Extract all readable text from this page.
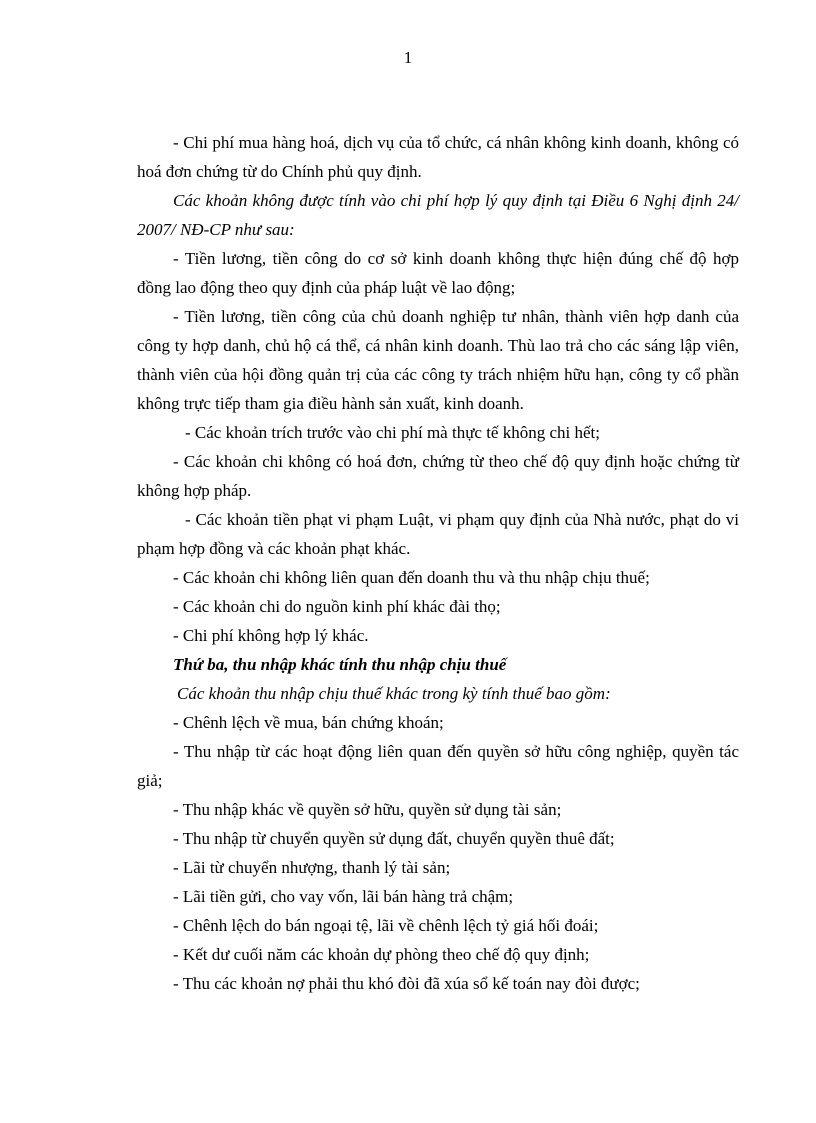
1

- Chi phí mua hàng hoá, dịch vụ của tổ chức, cá nhân không kinh doanh, không có hoá đơn chứng từ do Chính phủ quy định.

Các khoản không được tính vào chi phí hợp lý quy định tại Điều 6 Nghị định 24/ 2007/ NĐ-CP như sau:

- Tiền lương, tiền công do cơ sở kinh doanh không thực hiện đúng chế độ hợp đồng lao động theo quy định của pháp luật về lao động;

- Tiền lương, tiền công của chủ doanh nghiệp tư nhân, thành viên hợp danh của công ty hợp danh, chủ hộ cá thể, cá nhân kinh doanh. Thù lao trả cho các sáng lập viên, thành viên của hội đồng quản trị của các công ty trách nhiệm hữu hạn, công ty cổ phần không trực tiếp tham gia điều hành sản xuất, kinh doanh.

- Các khoản trích trước vào chi phí mà thực tế không chi hết;

- Các khoản chi không có hoá đơn, chứng từ theo chế độ quy định hoặc chứng từ không hợp pháp.

- Các khoản tiền phạt vi phạm Luật, vi phạm quy định của Nhà nước, phạt do vi phạm hợp đồng và các khoản phạt khác.

- Các khoản chi không liên quan đến doanh thu và thu nhập chịu thuế;

- Các khoản chi do nguồn kinh phí khác đài thọ;

- Chi phí không hợp lý khác.

Thứ ba, thu nhập khác tính thu nhập chịu thuế

Các khoản thu nhập chịu thuế khác trong kỳ tính thuế bao gồm:

- Chênh lệch về mua, bán chứng khoán;

- Thu nhập từ các hoạt động liên quan đến quyền sở hữu công nghiệp, quyền tác giả;

- Thu nhập khác về quyền sở hữu, quyền sử dụng tài sản;

- Thu nhập từ chuyển quyền sử dụng đất, chuyển quyền thuê đất;

- Lãi từ chuyển nhượng, thanh lý tài sản;

- Lãi tiền gửi, cho vay vốn, lãi bán hàng trả chậm;

- Chênh lệch do bán ngoại tệ, lãi về chênh lệch tỷ giá hối đoái;

- Kết dư cuối năm các khoản dự phòng theo chế độ quy định;

- Thu các khoản nợ phải thu khó đòi đã xúa sổ kế toán nay đòi được;
